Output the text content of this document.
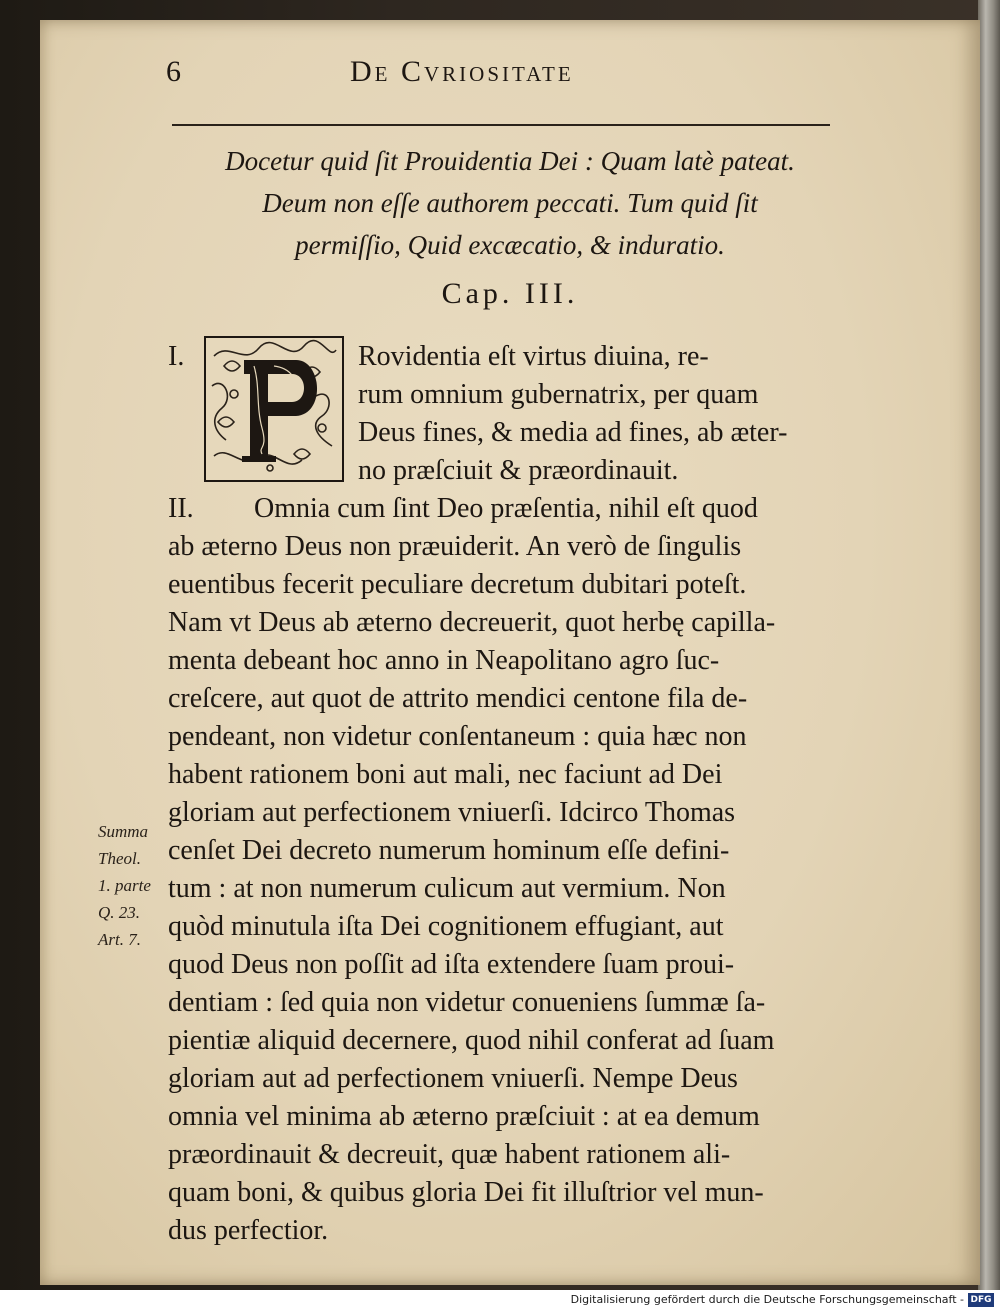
6	De Cvriositate
Docetur quid ſit Prouidentia Dei : Quam latè pateat.
Deum non eſſe authorem peccati. Tum quid ſit
permiſſio, Quid excæcatio, & induratio.
Cap. III.
I.	Rovidentia eſt virtus diuina, re-
rum omnium gubernatrix, per quam
Deus fines, & media ad fines, ab æter-
no præſciuit & præordinauit.
II. Omnia cum ſint Deo præſentia, nihil eſt quod
ab æterno Deus non præuiderit. An verò de ſingulis
euentibus fecerit peculiare decretum dubitari poteſt.
Nam vt Deus ab æterno decreuerit, quot herbę capilla-
menta debeant hoc anno in Neapolitano agro ſuc-
creſcere, aut quot de attrito mendici centone fila de-
pendeant, non videtur conſentaneum : quia hæc non
habent rationem boni aut mali, nec faciunt ad Dei
gloriam aut perfectionem vniuerſi. Idcirco Thomas
cenſet Dei decreto numerum hominum eſſe defini-
tum : at non numerum culicum aut vermium. Non
quòd minutula iſta Dei cognitionem effugiant, aut
quod Deus non poſſit ad iſta extendere ſuam proui-
dentiam : ſed quia non videtur conueniens ſummæ ſa-
pientiæ aliquid decernere, quod nihil conferat ad ſuam
gloriam aut ad perfectionem vniuerſi. Nempe Deus
omnia vel minima ab æterno præſciuit : at ea demum
præordinauit & decreuit, quæ habent rationem ali-
quam boni, & quibus gloria Dei fit illuſtrior vel mun-
dus perfectior.
Summa
Theol.
1. parte
Q. 23.
Art. 7.
Digitalisierung gefördert durch die Deutsche Forschungsgemeinschaft - DFG
